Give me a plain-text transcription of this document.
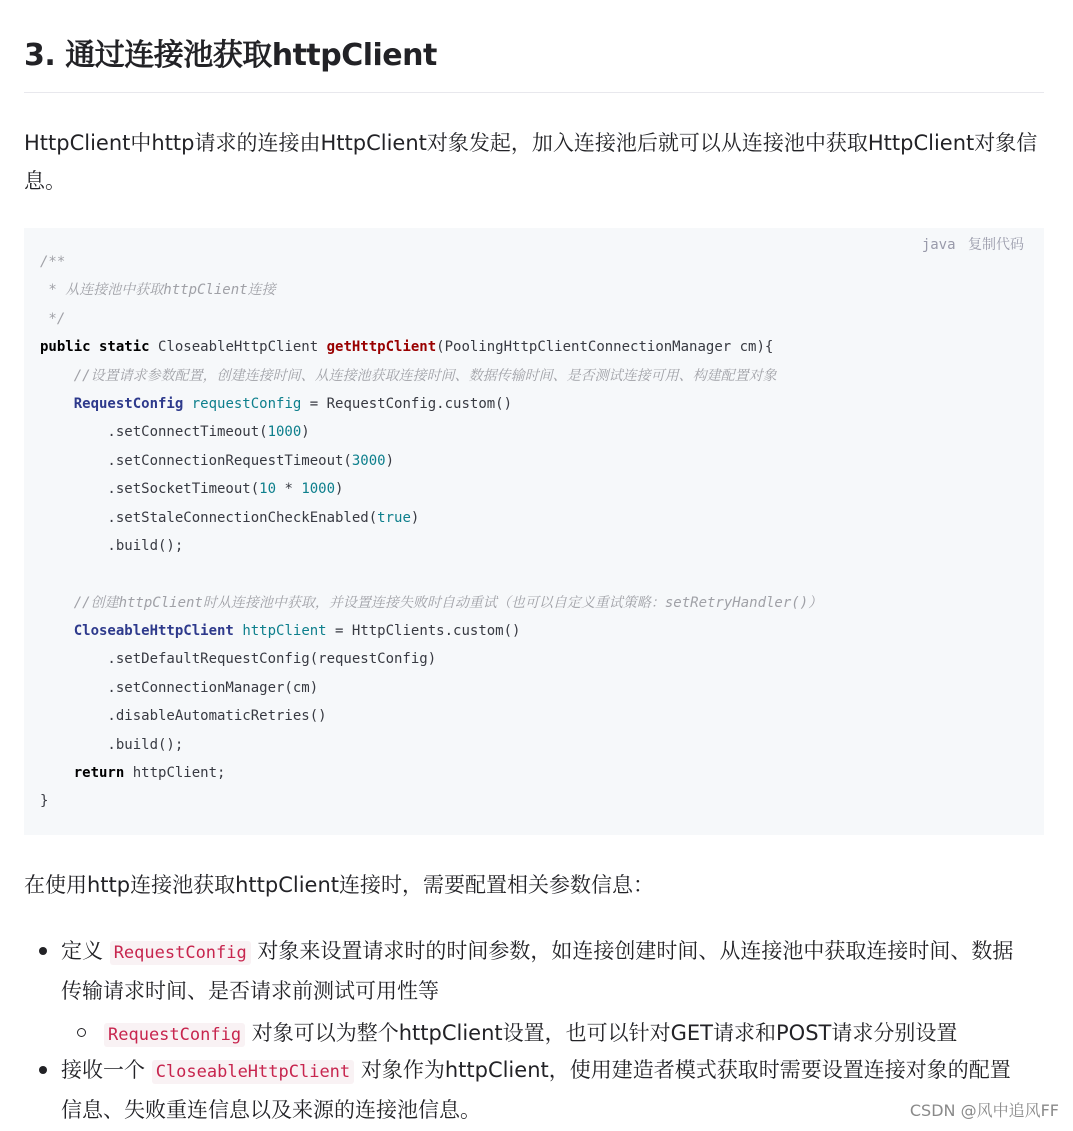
3. 通过连接池获取httpClient

HttpClient中http请求的连接由HttpClient对象发起，加入连接池后就可以从连接池中获取HttpClient对象信息。

java 复制代码
/**
* 从连接池中获取httpClient连接
*/
public static CloseableHttpClient getHttpClient(PoolingHttpClientConnectionManager cm){
//设置请求参数配置，创建连接时间、从连接池获取连接时间、数据传输时间、是否测试连接可用、构建配置对象
RequestConfig requestConfig = RequestConfig.custom()
.setConnectTimeout(1000)
.setConnectionRequestTimeout(3000)
.setSocketTimeout(10 * 1000)
.setStaleConnectionCheckEnabled(true)
.build();

//创建httpClient时从连接池中获取，并设置连接失败时自动重试（也可以自定义重试策略：setRetryHandler()）
CloseableHttpClient httpClient = HttpClients.custom()
.setDefaultRequestConfig(requestConfig)
.setConnectionManager(cm)
.disableAutomaticRetries()
.build();
return httpClient;
}

在使用http连接池获取httpClient连接时，需要配置相关参数信息：

定义 RequestConfig 对象来设置请求时的时间参数，如连接创建时间、从连接池中获取连接时间、数据
传输请求时间、是否请求前测试可用性等
RequestConfig 对象可以为整个httpClient设置，也可以针对GET请求和POST请求分别设置
接收一个 CloseableHttpClient 对象作为httpClient，使用建造者模式获取时需要设置连接对象的配置
信息、失败重连信息以及来源的连接池信息。	CSDN @风中追风FF
